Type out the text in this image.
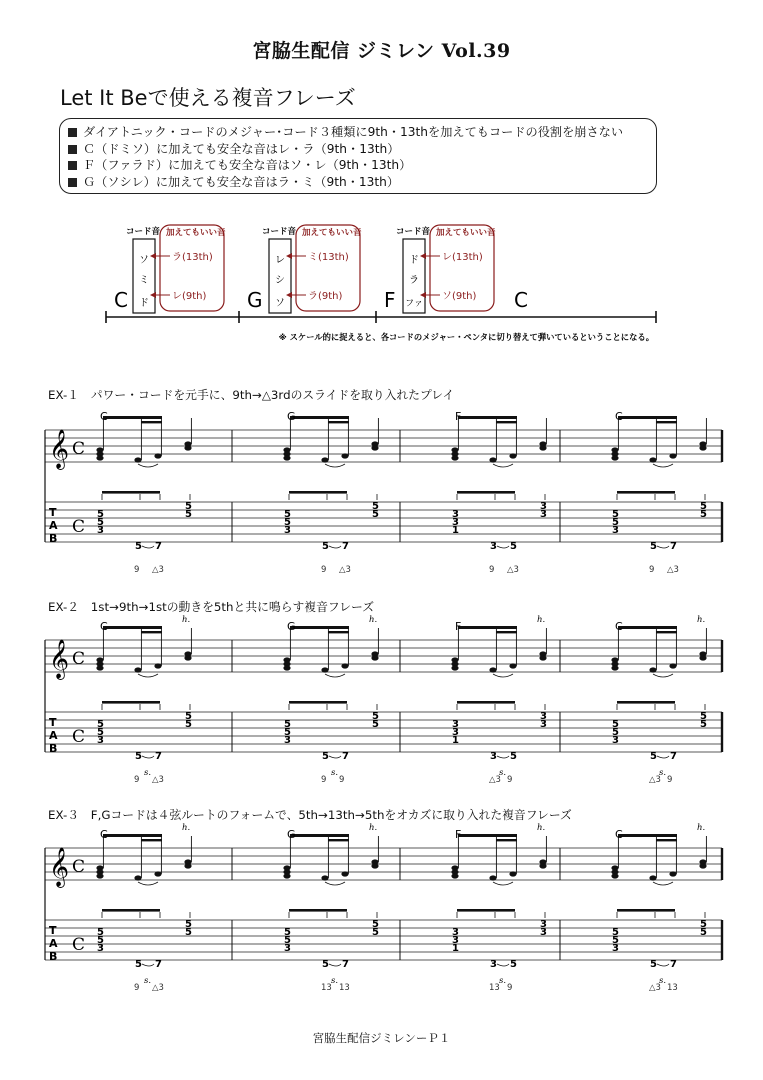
宮脇生配信 ジミレン Vol.39
Let It Beで使える複音フレーズ
ダイアトニック・コードのメジャー･コード３種類に9th・13thを加えてもコードの役割を崩さない
Ｃ（ドミソ）に加えても安全な音はレ・ラ（9th・13th）
Ｆ（ファラド）に加えても安全な音はソ・レ（9th・13th）
Ｇ（ソシレ）に加えても安全な音はラ・ミ（9th・13th）
コード音
ソ
ミ
ド
加えてもいい音
ラ(13th)
レ(9th)
C
コード音
レ
シ
ソ
加えてもいい音
ミ(13th)
ラ(9th)
G
コード音
ド
ラ
ファ
加えてもいい音
レ(13th)
ソ(9th)
F	C
※ スケール的に捉えると、各コードのメジャー・ペンタに切り替えて弾いているということになる。
EX-１　パワー・コードを元手に、9th→△3rdのスライドを取り入れたプレイ
EX-２　1st→9th→1stの動きを5thと共に鳴らす複音フレーズ
EX-３　F,Gコードは４弦ルートのフォームで、5th→13th→5thをオカズに取り入れた複音フレーズ
C	G	F	C
𝄞 C
T
A
B
C
5
5
3
5 7
5
5
9 △3
5
5
3
5 7
5
5
9 △3
3
3
1
3 5
3
3
9 △3
5
5
3
5 7
5
5
9 △3
C	G	F	C
𝄞 C
T
A
B
C
5
5
3
5 7
5
5
9 △3
s.
h.
5
5
3
5 7
5
5
9 9
s.
h.
3
3
1
3 5
3
3
△3 9
s.
h.
5
5
3
5 7
5
5
△3 9
s.
h.
C	G	F	C
𝄞 C
T
A
B
C
5
5
3
5 7
5
5
9 △3
s.
h.
5
5
3
5 7
5
5
13 13
s.
h.
3
3
1
3 5
3
3
13 9
s.
h.
5
5
3
5 7
5
5
△3 13
s.
h.
宮脇生配信ジミレンーＰ１
